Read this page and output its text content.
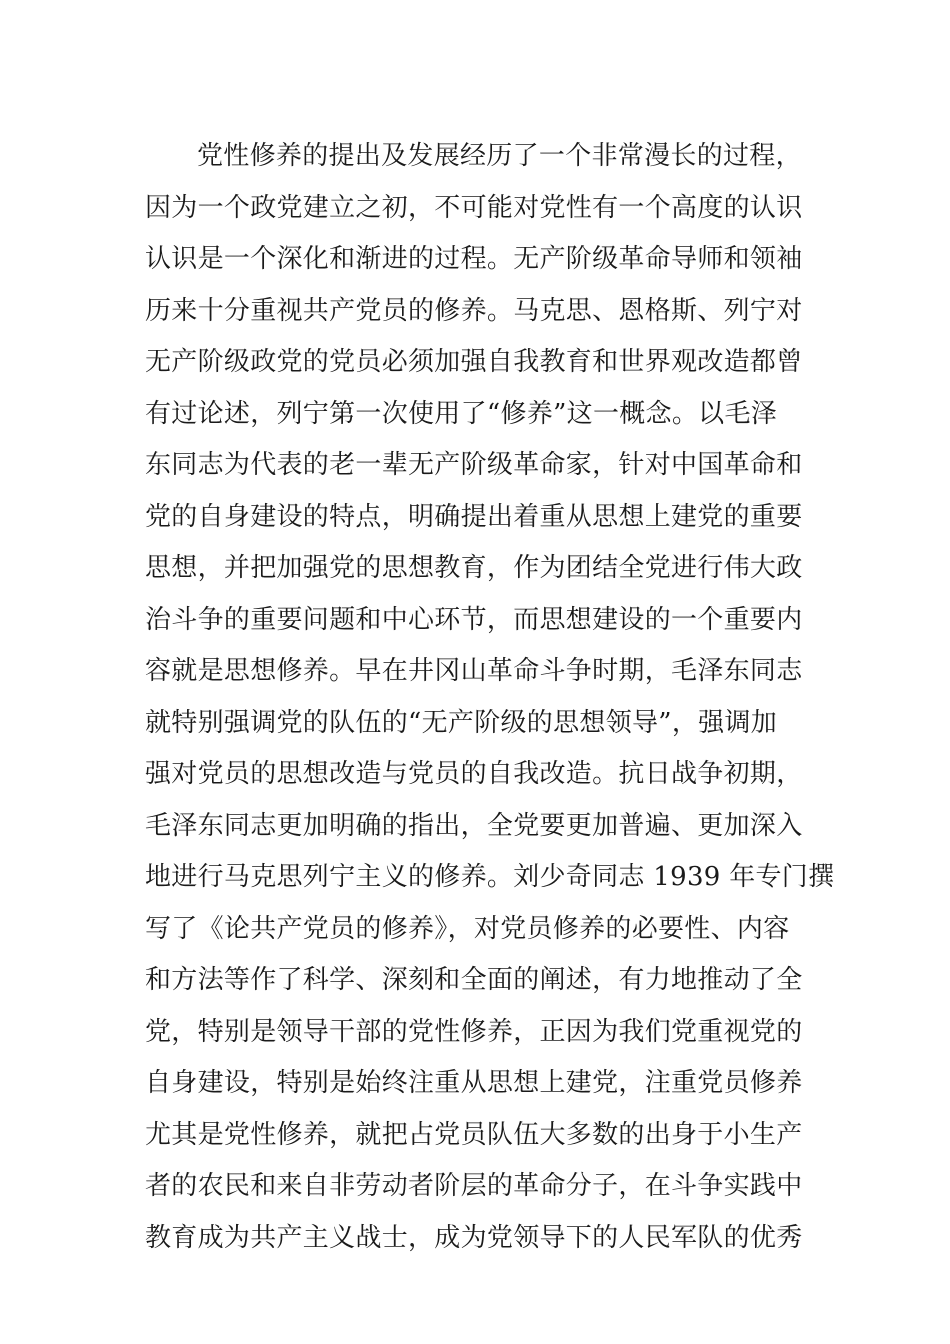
党性修养的提出及发展经历了一个非常漫长的过程，
因为一个政党建立之初，不可能对党性有一个高度的认识
认识是一个深化和渐进的过程。无产阶级革命导师和领袖
历来十分重视共产党员的修养。马克思、恩格斯、列宁对
无产阶级政党的党员必须加强自我教育和世界观改造都曾
有过论述，列宁第一次使用了“修养”这一概念。以毛泽
东同志为代表的老一辈无产阶级革命家，针对中国革命和
党的自身建设的特点，明确提出着重从思想上建党的重要
思想，并把加强党的思想教育，作为团结全党进行伟大政
治斗争的重要问题和中心环节，而思想建设的一个重要内
容就是思想修养。早在井冈山革命斗争时期，毛泽东同志
就特别强调党的队伍的“无产阶级的思想领导”，强调加
强对党员的思想改造与党员的自我改造。抗日战争初期，
毛泽东同志更加明确的指出，全党要更加普遍、更加深入
地进行马克思列宁主义的修养。刘少奇同志 1939 年专门撰
写了《论共产党员的修养》，对党员修养的必要性、内容
和方法等作了科学、深刻和全面的阐述，有力地推动了全
党，特别是领导干部的党性修养，正因为我们党重视党的
自身建设，特别是始终注重从思想上建党，注重党员修养
尤其是党性修养，就把占党员队伍大多数的出身于小生产
者的农民和来自非劳动者阶层的革命分子，在斗争实践中
教育成为共产主义战士，成为党领导下的人民军队的优秀
